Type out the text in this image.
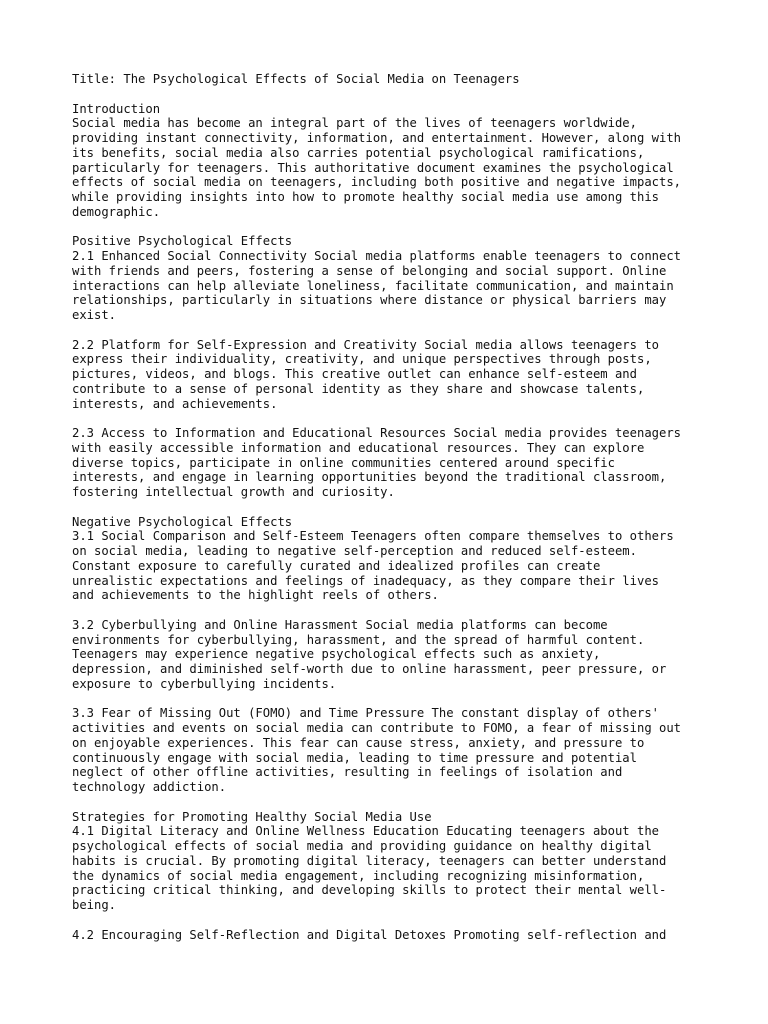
Title: The Psychological Effects of Social Media on Teenagers
Introduction
Social media has become an integral part of the lives of teenagers worldwide,
providing instant connectivity, information, and entertainment. However, along with
its benefits, social media also carries potential psychological ramifications,
particularly for teenagers. This authoritative document examines the psychological
effects of social media on teenagers, including both positive and negative impacts,
while providing insights into how to promote healthy social media use among this
demographic.
Positive Psychological Effects
2.1 Enhanced Social Connectivity Social media platforms enable teenagers to connect
with friends and peers, fostering a sense of belonging and social support. Online
interactions can help alleviate loneliness, facilitate communication, and maintain
relationships, particularly in situations where distance or physical barriers may
exist.
2.2 Platform for Self-Expression and Creativity Social media allows teenagers to
express their individuality, creativity, and unique perspectives through posts,
pictures, videos, and blogs. This creative outlet can enhance self-esteem and
contribute to a sense of personal identity as they share and showcase talents,
interests, and achievements.
2.3 Access to Information and Educational Resources Social media provides teenagers
with easily accessible information and educational resources. They can explore
diverse topics, participate in online communities centered around specific
interests, and engage in learning opportunities beyond the traditional classroom,
fostering intellectual growth and curiosity.
Negative Psychological Effects
3.1 Social Comparison and Self-Esteem Teenagers often compare themselves to others
on social media, leading to negative self-perception and reduced self-esteem.
Constant exposure to carefully curated and idealized profiles can create
unrealistic expectations and feelings of inadequacy, as they compare their lives
and achievements to the highlight reels of others.
3.2 Cyberbullying and Online Harassment Social media platforms can become
environments for cyberbullying, harassment, and the spread of harmful content.
Teenagers may experience negative psychological effects such as anxiety,
depression, and diminished self-worth due to online harassment, peer pressure, or
exposure to cyberbullying incidents.
3.3 Fear of Missing Out (FOMO) and Time Pressure The constant display of others'
activities and events on social media can contribute to FOMO, a fear of missing out
on enjoyable experiences. This fear can cause stress, anxiety, and pressure to
continuously engage with social media, leading to time pressure and potential
neglect of other offline activities, resulting in feelings of isolation and
technology addiction.
Strategies for Promoting Healthy Social Media Use
4.1 Digital Literacy and Online Wellness Education Educating teenagers about the
psychological effects of social media and providing guidance on healthy digital
habits is crucial. By promoting digital literacy, teenagers can better understand
the dynamics of social media engagement, including recognizing misinformation,
practicing critical thinking, and developing skills to protect their mental well-
being.
4.2 Encouraging Self-Reflection and Digital Detoxes Promoting self-reflection and
